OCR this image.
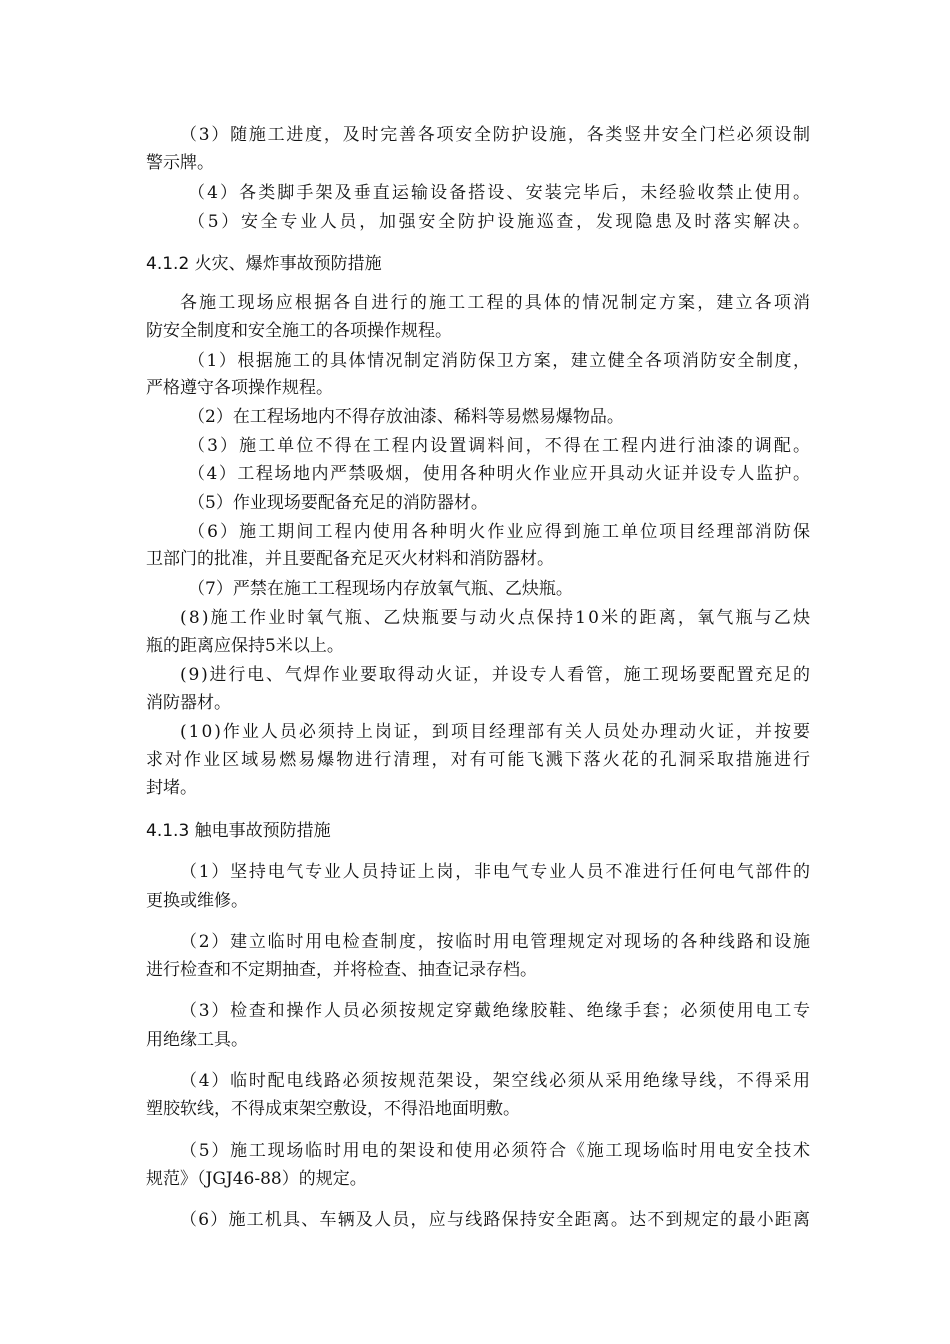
（3）随施工进度，及时完善各项安全防护设施，各类竖井安全门栏必须设制
警示牌。
（4）各类脚手架及垂直运输设备搭设、安装完毕后，未经验收禁止使用。
（5）安全专业人员，加强安全防护设施巡查，发现隐患及时落实解决。
4.1.2 火灾、爆炸事故预防措施
各施工现场应根据各自进行的施工工程的具体的情况制定方案，建立各项消
防安全制度和安全施工的各项操作规程。
（1）根据施工的具体情况制定消防保卫方案，建立健全各项消防安全制度，
严格遵守各项操作规程。
（2）在工程场地内不得存放油漆、稀料等易燃易爆物品。
（3）施工单位不得在工程内设置调料间，不得在工程内进行油漆的调配。
（4）工程场地内严禁吸烟，使用各种明火作业应开具动火证并设专人监护。
（5）作业现场要配备充足的消防器材。
（6）施工期间工程内使用各种明火作业应得到施工单位项目经理部消防保
卫部门的批准，并且要配备充足灭火材料和消防器材。
（7）严禁在施工工程现场内存放氧气瓶、乙炔瓶。
(8)施工作业时氧气瓶、乙炔瓶要与动火点保持10米的距离，氧气瓶与乙炔
瓶的距离应保持5米以上。
(9)进行电、气焊作业要取得动火证，并设专人看管，施工现场要配置充足的
消防器材。
(10)作业人员必须持上岗证，到项目经理部有关人员处办理动火证，并按要
求对作业区域易燃易爆物进行清理，对有可能飞溅下落火花的孔洞采取措施进行
封堵。
4.1.3 触电事故预防措施
（1）坚持电气专业人员持证上岗，非电气专业人员不准进行任何电气部件的
更换或维修。
（2）建立临时用电检查制度，按临时用电管理规定对现场的各种线路和设施
进行检查和不定期抽查，并将检查、抽查记录存档。
（3）检查和操作人员必须按规定穿戴绝缘胶鞋、绝缘手套；必须使用电工专
用绝缘工具。
（4）临时配电线路必须按规范架设，架空线必须从采用绝缘导线，不得采用
塑胶软线，不得成束架空敷设，不得沿地面明敷。
（5）施工现场临时用电的架设和使用必须符合《施工现场临时用电安全技术
规范》（JGJ46-88）的规定。
（6）施工机具、车辆及人员，应与线路保持安全距离。达不到规定的最小距离
